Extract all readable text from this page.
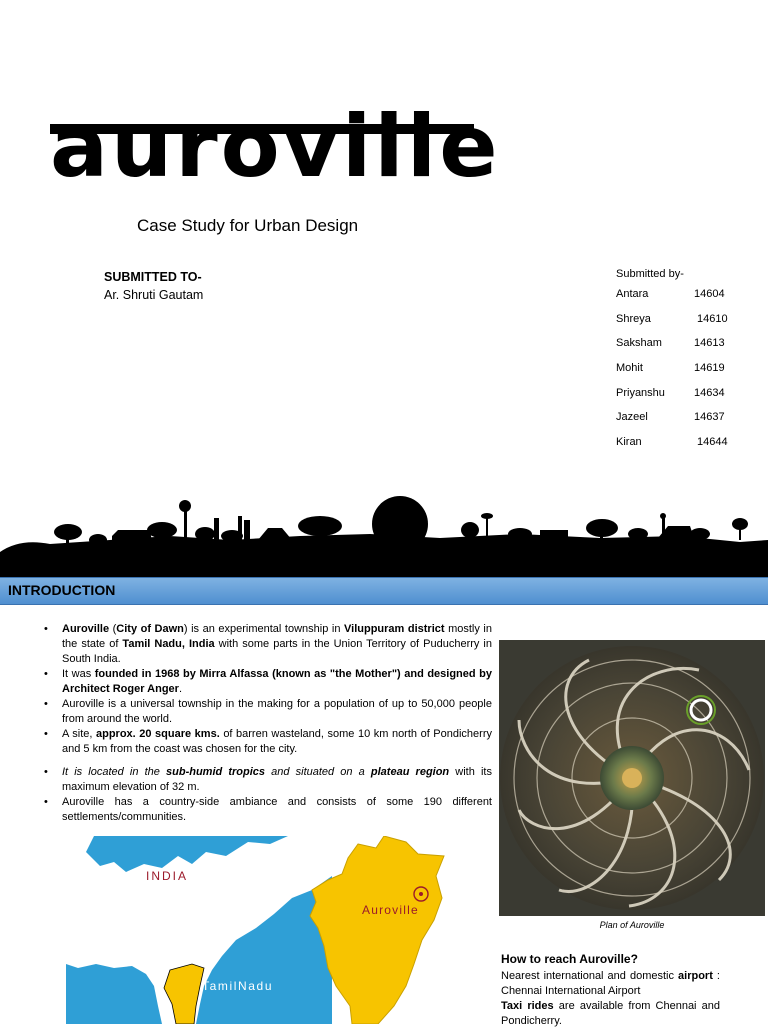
auroville
Case Study for Urban Design
SUBMITTED TO-
Ar. Shruti Gautam
Submitted by-
Antara	14604
Shreya	14610
Saksham	14613
Mohit	14619
Priyanshu	14634
Jazeel	14637
Kiran	14644
INTRODUCTION
• Auroville (City of Dawn) is an experimental township in Viluppuram district mostly in the state of Tamil Nadu, India with some parts in the Union Territory of Puducherry in South India.
• It was founded in 1968 by Mirra Alfassa (known as "the Mother") and designed by Architect Roger Anger.
• Auroville is a universal township in the making for a population of up to 50,000 people from around the world.
• A site, approx. 20 square kms. of barren wasteland, some 10 km north of Pondicherry and 5 km from the coast was chosen for the city.
• It is located in the sub-humid tropics and situated on a plateau region with its maximum elevation of 32 m.
• Auroville has a country-side ambiance and consists of some 190 different settlements/communities.
INDIA
TamilNadu
Auroville
Plan of Auroville
How to reach Auroville?

Nearest international and domestic airport : Chennai International Airport

Taxi rides are available from Chennai and Pondicherry.
